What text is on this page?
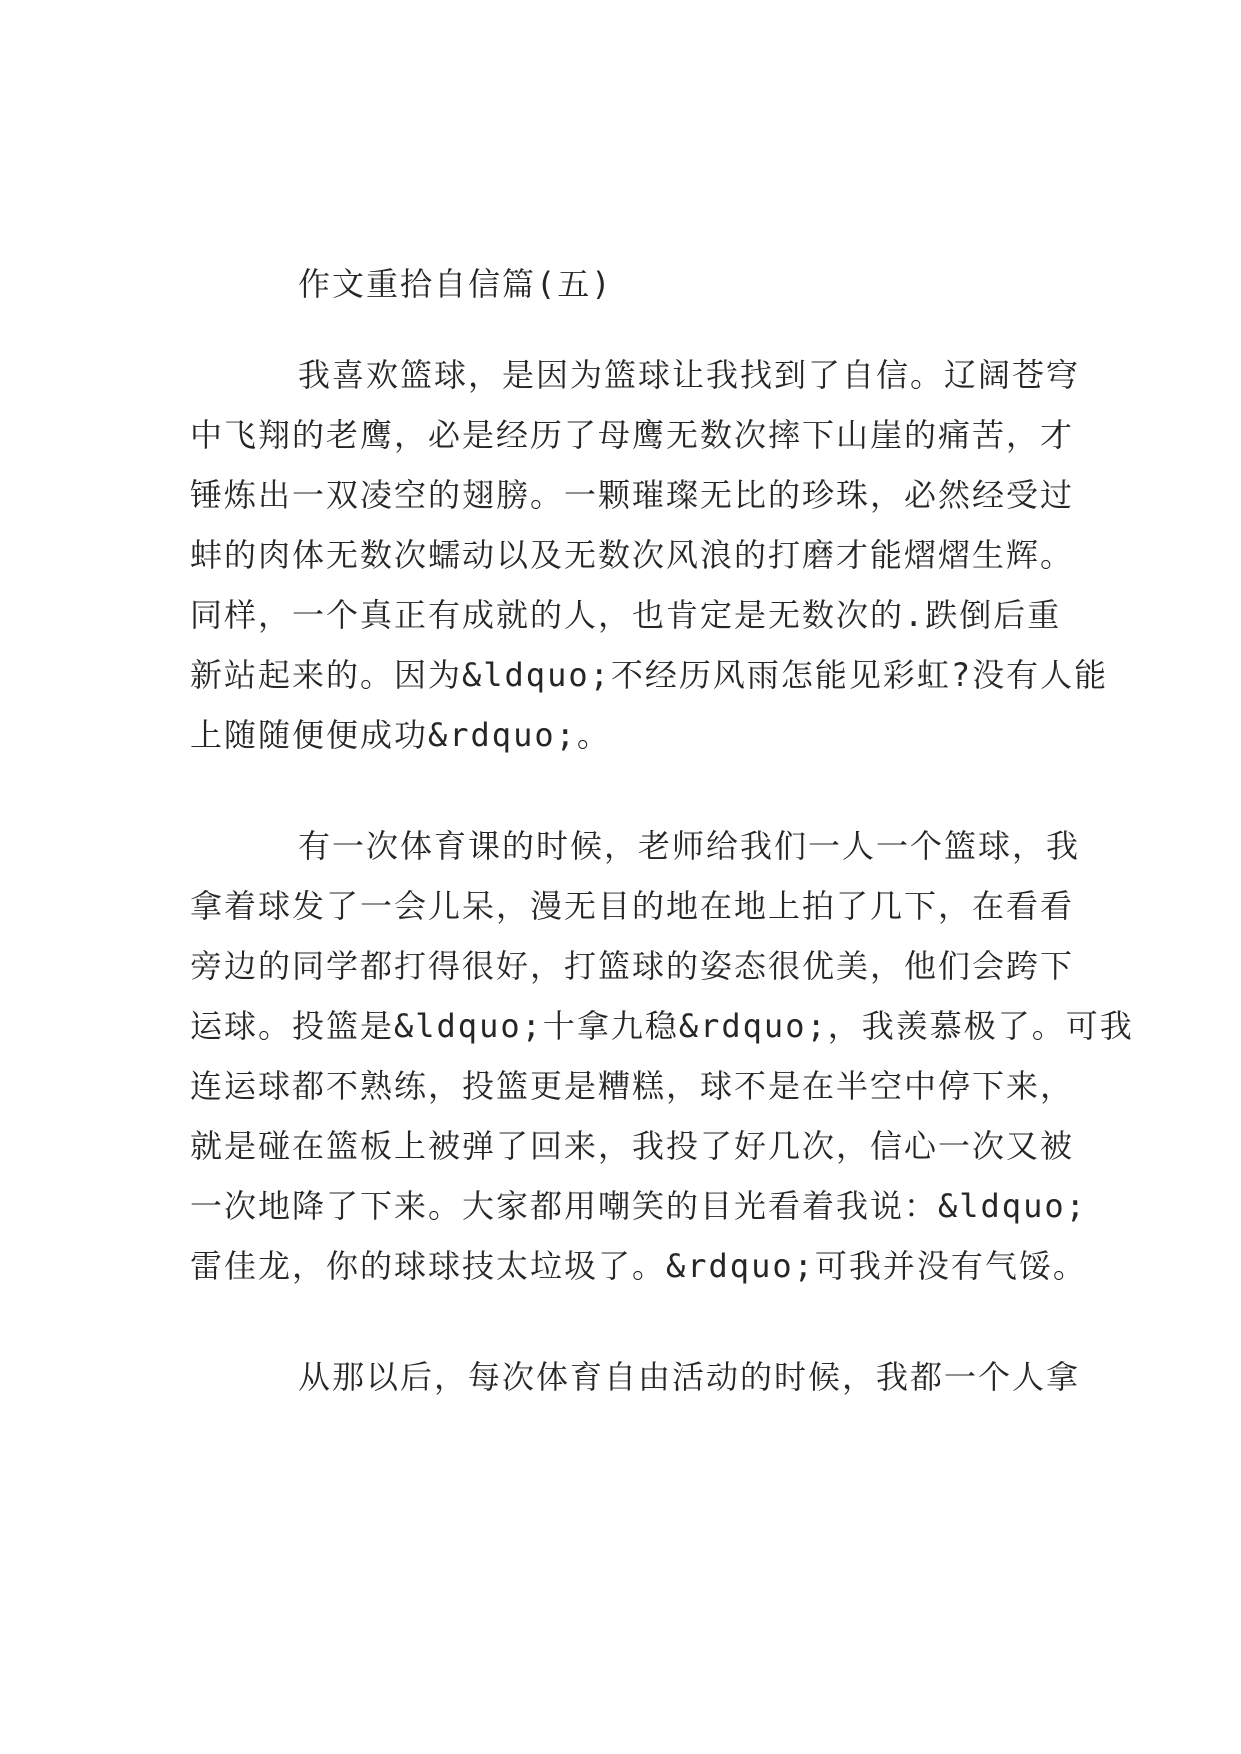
作文重拾自信篇(五)
我喜欢篮球，是因为篮球让我找到了自信。辽阔苍穹
中飞翔的老鹰，必是经历了母鹰无数次摔下山崖的痛苦，才
锤炼出一双凌空的翅膀。一颗璀璨无比的珍珠，必然经受过
蚌的肉体无数次蠕动以及无数次风浪的打磨才能熠熠生辉。
同样，一个真正有成就的人，也肯定是无数次的.跌倒后重
新站起来的。因为&ldquo;不经历风雨怎能见彩虹?没有人能
上随随便便成功&rdquo;。
有一次体育课的时候，老师给我们一人一个篮球，我
拿着球发了一会儿呆，漫无目的地在地上拍了几下，在看看
旁边的同学都打得很好，打篮球的姿态很优美，他们会跨下
运球。投篮是&ldquo;十拿九稳&rdquo;，我羡慕极了。可我
连运球都不熟练，投篮更是糟糕，球不是在半空中停下来，
就是碰在篮板上被弹了回来，我投了好几次，信心一次又被
一次地降了下来。大家都用嘲笑的目光看着我说：&ldquo;
雷佳龙，你的球球技太垃圾了。&rdquo;可我并没有气馁。
从那以后，每次体育自由活动的时候，我都一个人拿
